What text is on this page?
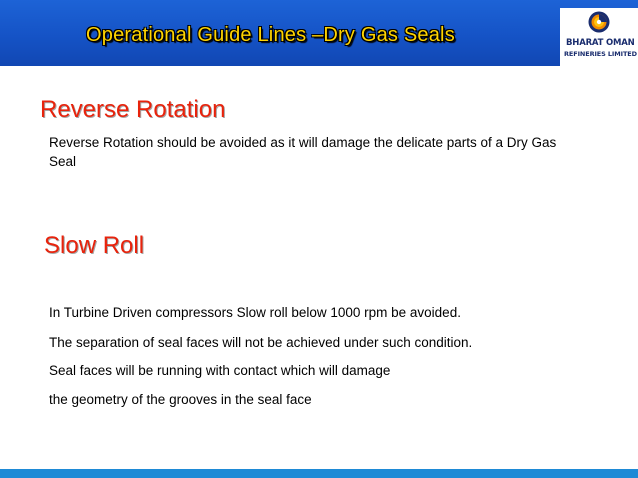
Operational Guide Lines –Dry Gas Seals	BHARAT OMAN
REFINERIES LIMITED
Reverse Rotation
Reverse Rotation should be avoided as it will damage the delicate parts of a Dry Gas Seal
Slow Roll
In Turbine Driven compressors Slow roll below 1000 rpm be avoided.
The separation of seal faces will not be achieved under such condition.
Seal faces will be running with contact which will damage
the geometry of the grooves in the seal face
